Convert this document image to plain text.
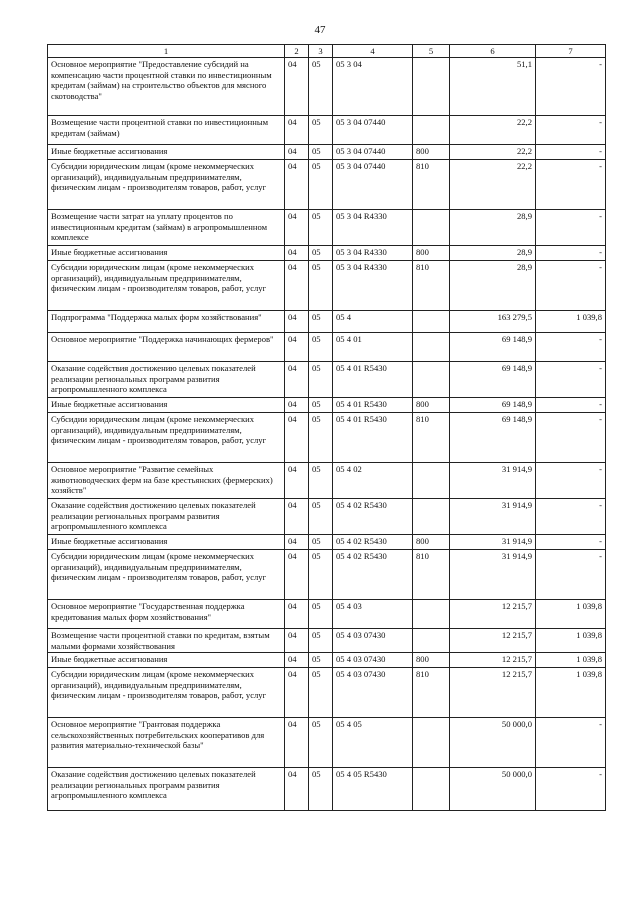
47
1	2	3	4	5	6	7
Основное мероприятие "Предоставление субсидий на компенсацию части процентной ставки по инвестиционным кредитам (займам) на строительство объектов для мясного скотоводства"	04	05	05 3 04		51,1	-
Возмещение части процентной ставки по инвестиционным кредитам (займам)	04	05	05 3 04 07440		22,2	-
Иные бюджетные ассигнования	04	05	05 3 04 07440	800	22,2	-
Субсидии юридическим лицам (кроме некоммерческих организаций), индивидуальным предпринимателям, физическим лицам - производителям товаров, работ, услуг	04	05	05 3 04 07440	810	22,2	-
Возмещение части затрат на уплату процентов по инвестиционным кредитам (займам) в агропромышленном комплексе	04	05	05 3 04 R4330		28,9	-
Иные бюджетные ассигнования	04	05	05 3 04 R4330	800	28,9	-
Субсидии юридическим лицам (кроме некоммерческих организаций), индивидуальным предпринимателям, физическим лицам - производителям товаров, работ, услуг	04	05	05 3 04 R4330	810	28,9	-
Подпрограмма "Поддержка малых форм хозяйствования"	04	05	05 4		163 279,5	1 039,8
Основное мероприятие "Поддержка начинающих фермеров"	04	05	05 4 01		69 148,9	-
Оказание содействия достижению целевых показателей реализации региональных программ развития агропромышленного комплекса	04	05	05 4 01 R5430		69 148,9	-
Иные бюджетные ассигнования	04	05	05 4 01 R5430	800	69 148,9	-
Субсидии юридическим лицам (кроме некоммерческих организаций), индивидуальным предпринимателям, физическим лицам - производителям товаров, работ, услуг	04	05	05 4 01 R5430	810	69 148,9	-
Основное мероприятие "Развитие семейных животноводческих ферм на базе крестьянских (фермерских) хозяйств"	04	05	05 4 02		31 914,9	-
Оказание содействия достижению целевых показателей реализации региональных программ развития агропромышленного комплекса	04	05	05 4 02 R5430		31 914,9	-
Иные бюджетные ассигнования	04	05	05 4 02 R5430	800	31 914,9	-
Субсидии юридическим лицам (кроме некоммерческих организаций), индивидуальным предпринимателям, физическим лицам - производителям товаров, работ, услуг	04	05	05 4 02 R5430	810	31 914,9	-
Основное мероприятие "Государственная поддержка кредитования малых форм хозяйствования"	04	05	05 4 03		12 215,7	1 039,8
Возмещение части процентной ставки по кредитам, взятым малыми формами хозяйствования	04	05	05 4 03 07430		12 215,7	1 039,8
Иные бюджетные ассигнования	04	05	05 4 03 07430	800	12 215,7	1 039,8
Субсидии юридическим лицам (кроме некоммерческих организаций), индивидуальным предпринимателям, физическим лицам - производителям товаров, работ, услуг	04	05	05 4 03 07430	810	12 215,7	1 039,8
Основное мероприятие "Грантовая поддержка сельскохозяйственных потребительских кооперативов для развития материально-технической базы"	04	05	05 4 05		50 000,0	-
Оказание содействия достижению целевых показателей реализации региональных программ развития агропромышленного комплекса	04	05	05 4 05 R5430		50 000,0	-
